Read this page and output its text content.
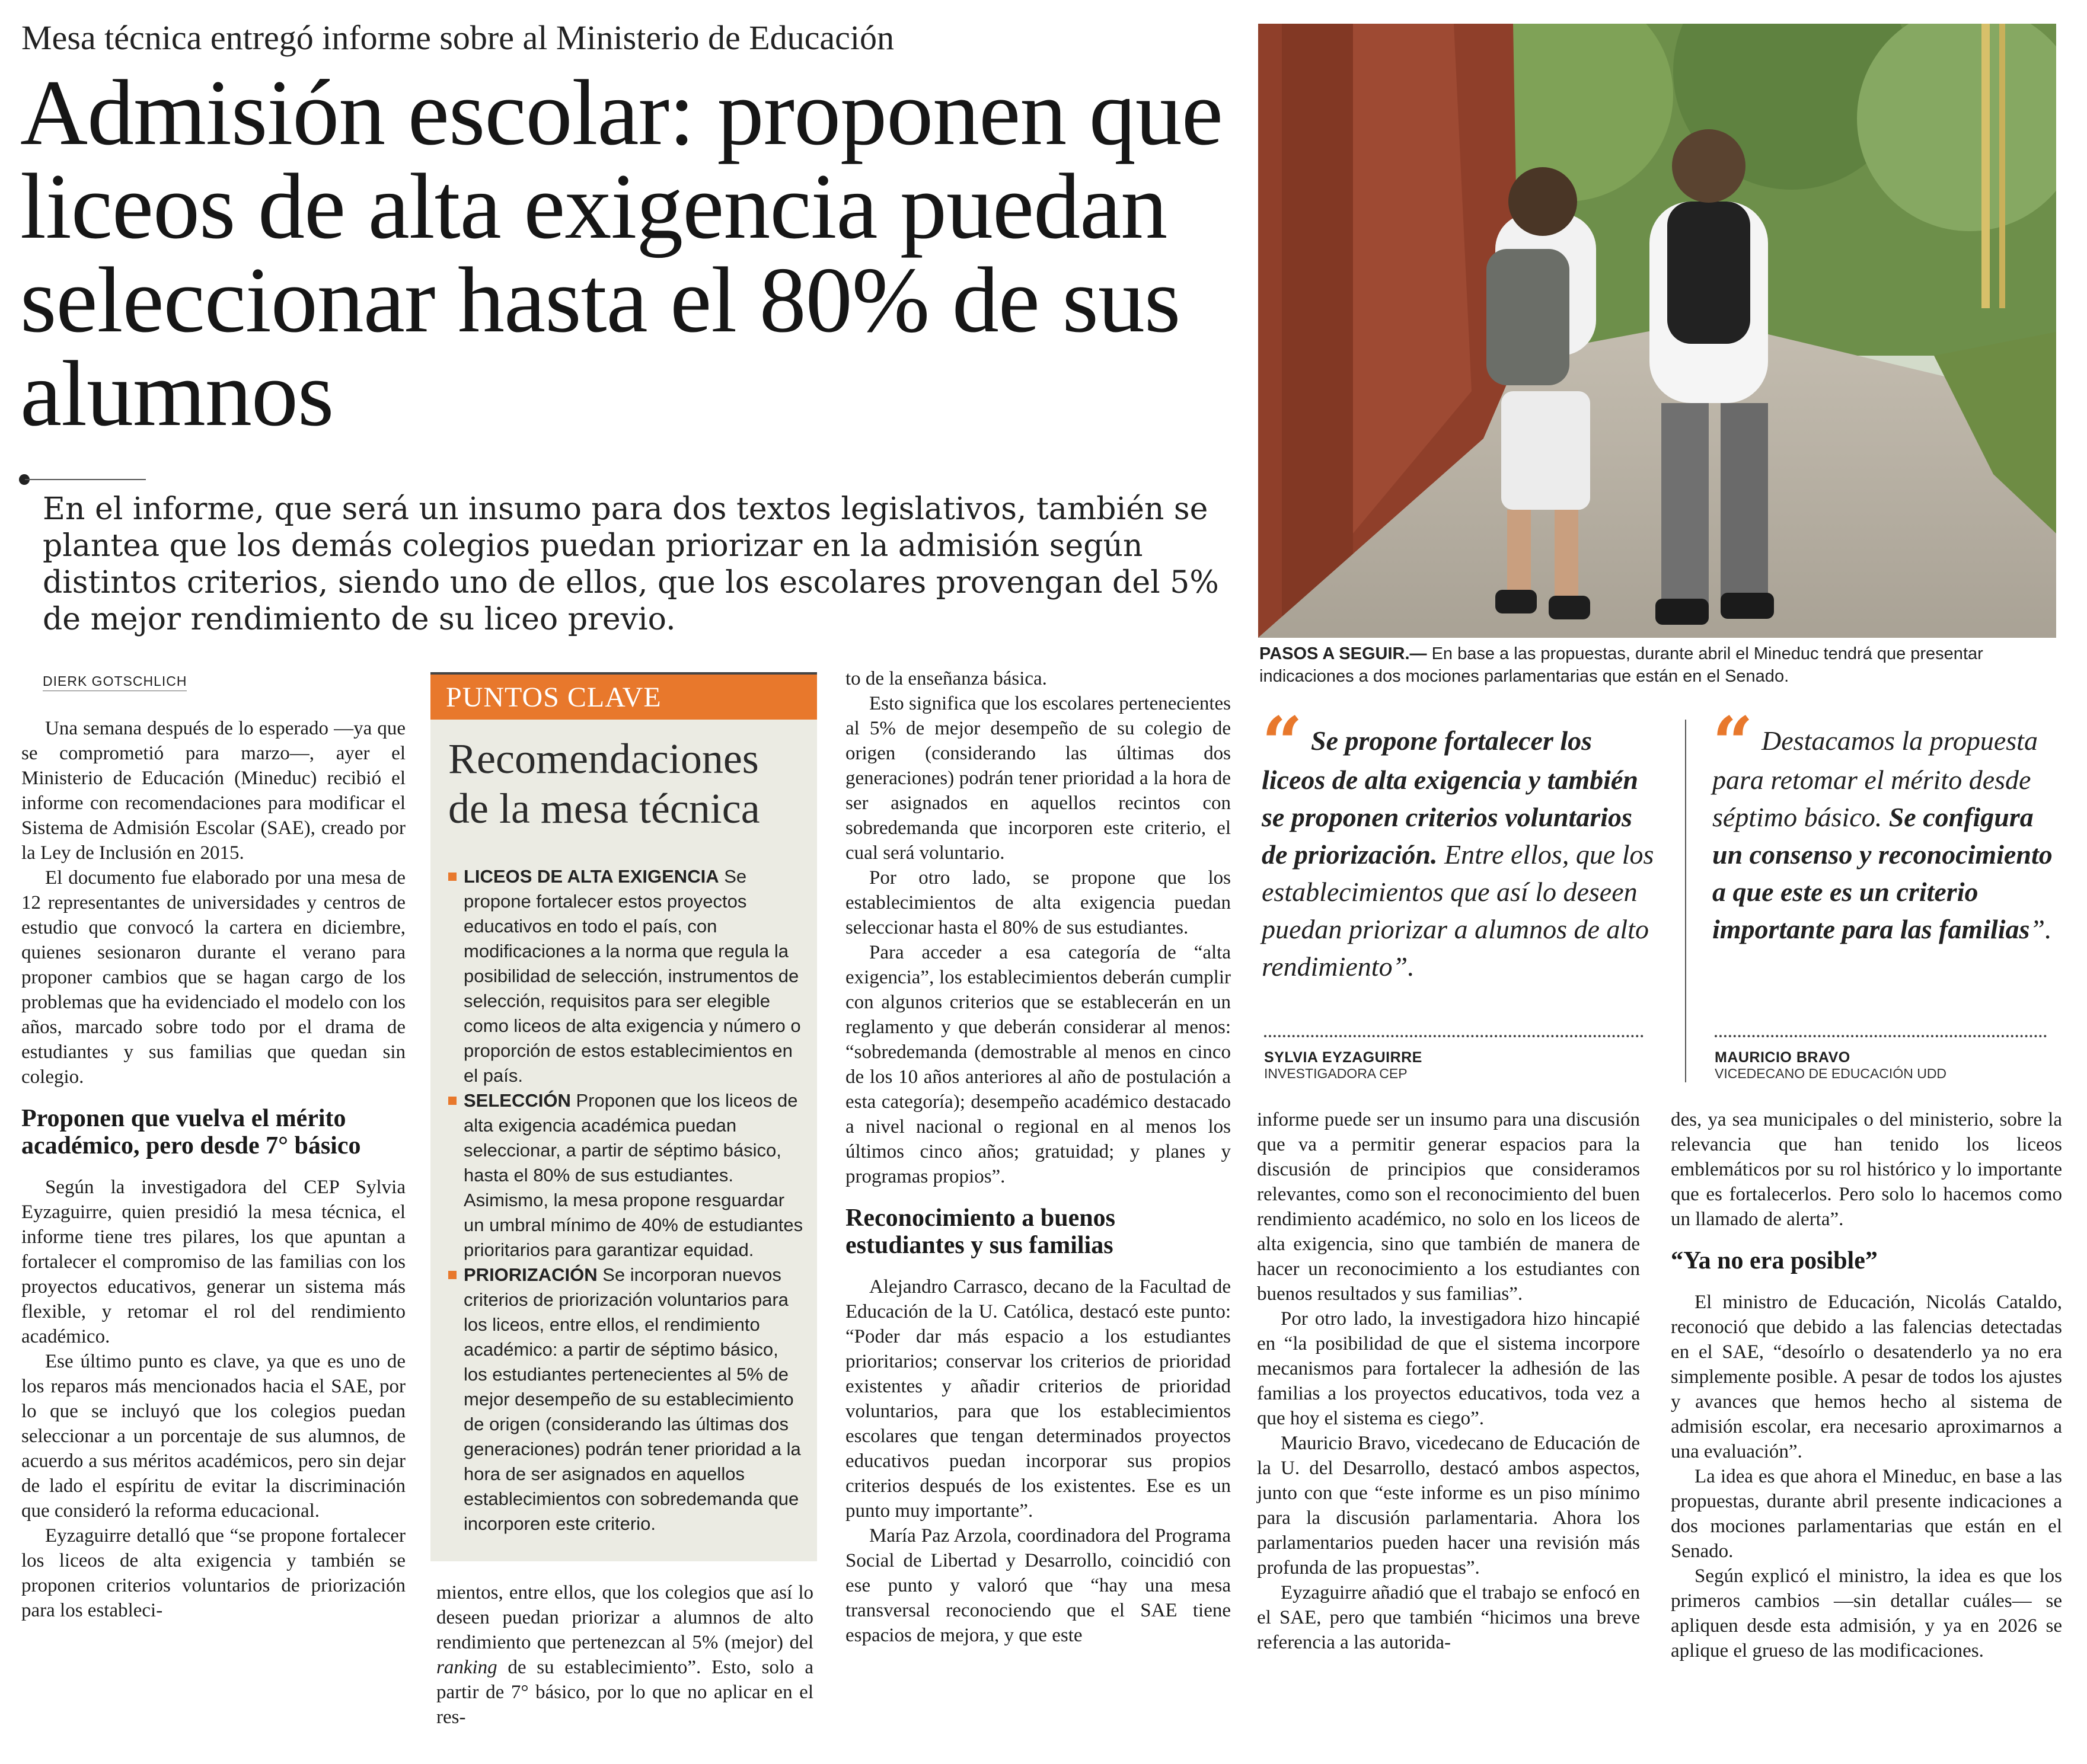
Mesa técnica entregó informe sobre al Ministerio de Educación
Admisión escolar: proponen que liceos de alta exigencia puedan seleccionar hasta el 80% de sus alumnos
En el informe, que será un insumo para dos textos legislativos, también se plantea que los demás colegios puedan priorizar en la admisión según distintos criterios, siendo uno de ellos, que los escolares provengan del 5% de mejor rendimiento de su liceo previo.
DIERK GOTSCHLICH

Una semana después de lo esperado —ya que se comprometió para marzo—, ayer el Ministerio de Educación (Mineduc) recibió el informe con recomendaciones para modificar el Sistema de Admisión Escolar (SAE), creado por la Ley de Inclusión en 2015.

El documento fue elaborado por una mesa de 12 representantes de universidades y centros de estudio que convocó la cartera en diciembre, quienes sesionaron durante el verano para proponer cambios que se hagan cargo de los problemas que ha evidenciado el modelo con los años, marcado sobre todo por el drama de estudiantes y sus familias que quedan sin colegio.

Proponen que vuelva el mérito académico, pero desde 7° básico

Según la investigadora del CEP Sylvia Eyzaguirre, quien presidió la mesa técnica, el informe tiene tres pilares, los que apuntan a fortalecer el compromiso de las familias con los proyectos educativos, generar un sistema más flexible, y retomar el rol del rendimiento académico.

Ese último punto es clave, ya que es uno de los reparos más mencionados hacia el SAE, por lo que se incluyó que los colegios puedan seleccionar a un porcentaje de sus alumnos, de acuerdo a sus méritos académicos, pero sin dejar de lado el espíritu de evitar la discriminación que consideró la reforma educacional.

Eyzaguirre detalló que “se propone fortalecer los liceos de alta exigencia y también se proponen criterios voluntarios de priorización para los estableci-

PUNTOS CLAVE
Recomendaciones de la mesa técnica
LICEOS DE ALTA EXIGENCIA Se propone fortalecer estos proyectos educativos en todo el país, con modificaciones a la norma que regula la posibilidad de selección, instrumentos de selección, requisitos para ser elegible como liceos de alta exigencia y número o proporción de estos establecimientos en el país.
SELECCIÓN Proponen que los liceos de alta exigencia académica puedan seleccionar, a partir de séptimo básico, hasta el 80% de sus estudiantes. Asimismo, la mesa propone resguardar un umbral mínimo de 40% de estudiantes prioritarios para garantizar equidad.
PRIORIZACIÓN Se incorporan nuevos criterios de priorización voluntarios para los liceos, entre ellos, el rendimiento académico: a partir de séptimo básico, los estudiantes pertenecientes al 5% de mejor desempeño de su establecimiento de origen (considerando las últimas dos generaciones) podrán tener prioridad a la hora de ser asignados en aquellos establecimientos con sobredemanda que incorporen este criterio.

mientos, entre ellos, que los colegios que así lo deseen puedan priorizar a alumnos de alto rendimiento que pertenezcan al 5% (mejor) del ranking de su establecimiento”. Esto, solo a partir de 7° básico, por lo que no aplicar en el res-

to de la enseñanza básica.

Esto significa que los escolares pertenecientes al 5% de mejor desempeño de su colegio de origen (considerando las últimas dos generaciones) podrán tener prioridad a la hora de ser asignados en aquellos recintos con sobredemanda que incorporen este criterio, el cual será voluntario.

Por otro lado, se propone que los establecimientos de alta exigencia puedan seleccionar hasta el 80% de sus estudiantes.

Para acceder a esa categoría de “alta exigencia”, los establecimientos deberán cumplir con algunos criterios que se establecerán en un reglamento y que deberán considerar al menos: “sobredemanda (demostrable al menos en cinco de los 10 años anteriores al año de postulación a esta categoría); desempeño académico destacado a nivel nacional o regional en al menos los últimos cinco años; gratuidad; y planes y programas propios”.

Reconocimiento a buenos estudiantes y sus familias

Alejandro Carrasco, decano de la Facultad de Educación de la U. Católica, destacó este punto: “Poder dar más espacio a los estudiantes prioritarios; conservar los criterios de prioridad existentes y añadir criterios de prioridad voluntarios, para que los establecimientos escolares que tengan determinados proyectos educativos puedan incorporar sus propios criterios después de los existentes. Ese es un punto muy importante”.

María Paz Arzola, coordinadora del Programa Social de Libertad y Desarrollo, coincidió con ese punto y valoró que “hay una mesa transversal reconociendo que el SAE tiene espacios de mejora, y que este

PASOS A SEGUIR.— En base a las propuestas, durante abril el Mineduc tendrá que presentar indicaciones a dos mociones parlamentarias que están en el Senado.
“ Se propone fortalecer los liceos de alta exigencia y también se proponen criterios voluntarios de priorización. Entre ellos, que los establecimientos que así lo deseen puedan priorizar a alumnos de alto rendimiento”.
“ Destacamos la propuesta para retomar el mérito desde séptimo básico. Se configura un consenso y reconocimiento a que este es un criterio importante para las familias”.
SYLVIA EYZAGUIRRE
INVESTIGADORA CEP
MAURICIO BRAVO
VICEDECANO DE EDUCACIÓN UDD

informe puede ser un insumo para una discusión que va a permitir generar espacios para la discusión de principios que consideramos relevantes, como son el reconocimiento del buen rendimiento académico, no solo en los liceos de alta exigencia, sino que también de manera de hacer un reconocimiento a los estudiantes con buenos resultados y sus familias”.

Por otro lado, la investigadora hizo hincapié en “la posibilidad de que el sistema incorpore mecanismos para fortalecer la adhesión de las familias a los proyectos educativos, toda vez a que hoy el sistema es ciego”.

Mauricio Bravo, vicedecano de Educación de la U. del Desarrollo, destacó ambos aspectos, junto con que “este informe es un piso mínimo para la discusión parlamentaria. Ahora los parlamentarios pueden hacer una revisión más profunda de las propuestas”.

Eyzaguirre añadió que el trabajo se enfocó en el SAE, pero que también “hicimos una breve referencia a las autorida-

des, ya sea municipales o del ministerio, sobre la relevancia que han tenido los liceos emblemáticos por su rol histórico y lo importante que es fortalecerlos. Pero solo lo hacemos como un llamado de alerta”.

“Ya no era posible”

El ministro de Educación, Nicolás Cataldo, reconoció que debido a las falencias detectadas en el SAE, “desoírlo o desatenderlo ya no era simplemente posible. A pesar de todos los ajustes y avances que hemos hecho al sistema de admisión escolar, era necesario aproximarnos a una evaluación”.

La idea es que ahora el Mineduc, en base a las propuestas, durante abril presente indicaciones a dos mociones parlamentarias que están en el Senado.

Según explicó el ministro, la idea es que los primeros cambios —sin detallar cuáles— se apliquen desde esta admisión, y ya en 2026 se aplique el grueso de las modificaciones.
